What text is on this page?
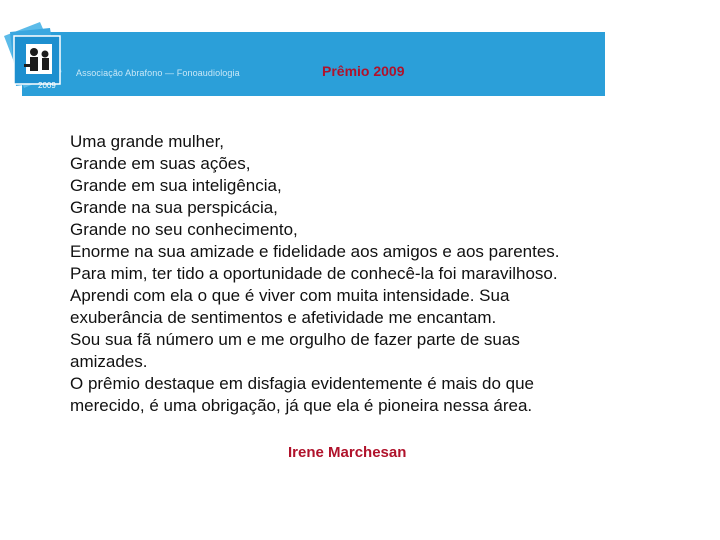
2009
Associação Abrafono — Fonoaudiologia	Prêmio 2009
Uma grande mulher,
Grande em suas ações,
Grande em sua inteligência,
Grande na sua perspicácia,
Grande no seu conhecimento,
Enorme na sua amizade e fidelidade aos amigos e aos parentes.
Para mim, ter tido a oportunidade de conhecê-la foi maravilhoso.
Aprendi com ela o que é viver com muita intensidade. Sua
exuberância de sentimentos e afetividade me encantam.
Sou sua fã número um e me orgulho de fazer parte de suas
amizades.
O prêmio destaque em disfagia evidentemente é mais do que
merecido, é uma obrigação, já que ela é pioneira nessa área.
Irene Marchesan
